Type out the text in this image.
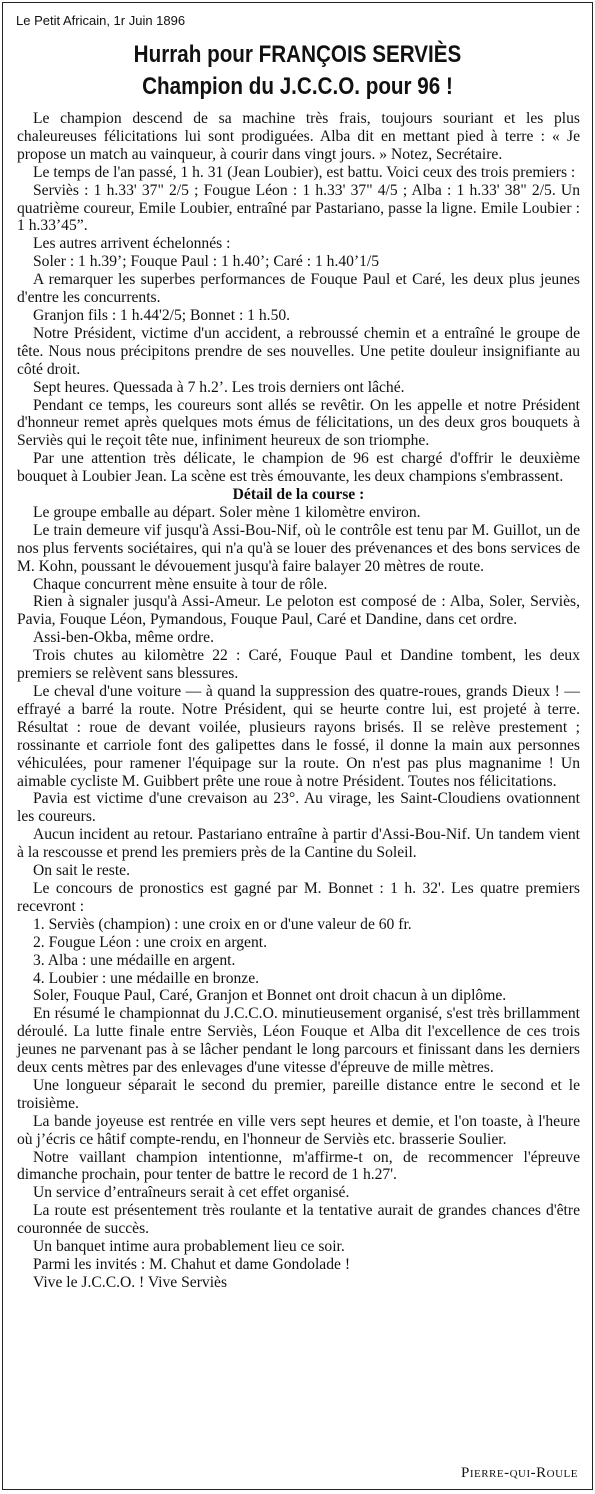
Le Petit Africain, 1r Juin 1896
Hurrah pour FRANÇOIS SERVIÈS
Champion du J.C.C.O. pour 96 !

Le champion descend de sa machine très frais, toujours souriant et les plus chaleureuses félicitations lui sont prodiguées. Alba dit en mettant pied à terre : « Je propose un match au vainqueur, à courir dans vingt jours. » Notez, Secrétaire.

Le temps de l'an passé, 1 h. 31 (Jean Loubier), est battu. Voici ceux des trois premiers :

Serviès : 1 h.33' 37" 2/5 ; Fougue Léon : 1 h.33' 37" 4/5 ; Alba : 1 h.33' 38" 2/5. Un quatrième coureur, Emile Loubier, entraîné par Pastariano, passe la ligne. Emile Loubier : 1 h.33’45”.

Les autres arrivent échelonnés :

Soler : 1 h.39’; Fouque Paul : 1 h.40’; Caré : 1 h.40’1/5

A remarquer les superbes performances de Fouque Paul et Caré, les deux plus jeunes d'entre les concurrents.

Granjon fils : 1 h.44'2/5; Bonnet : 1 h.50.

Notre Président, victime d'un accident, a rebroussé chemin et a entraîné le groupe de tête. Nous nous précipitons prendre de ses nouvelles. Une petite douleur insignifiante au côté droit.

Sept heures. Quessada à 7 h.2’. Les trois derniers ont lâché.

Pendant ce temps, les coureurs sont allés se revêtir. On les appelle et notre Président d'honneur remet après quelques mots émus de félicitations, un des deux gros bouquets à Serviès qui le reçoit tête nue, infiniment heureux de son triomphe.

Par une attention très délicate, le champion de 96 est chargé d'offrir le deuxième bouquet à Loubier Jean. La scène est très émouvante, les deux champions s'embrassent.

Détail de la course :

Le groupe emballe au départ. Soler mène 1 kilomètre environ.

Le train demeure vif jusqu'à Assi-Bou-Nif, où le contrôle est tenu par M. Guillot, un de nos plus fervents sociétaires, qui n'a qu'à se louer des prévenances et des bons services de M. Kohn, poussant le dévouement jusqu'à faire balayer 20 mètres de route.

Chaque concurrent mène ensuite à tour de rôle.

Rien à signaler jusqu'à Assi-Ameur. Le peloton est composé de : Alba, Soler, Serviès, Pavia, Fouque Léon, Pymandous, Fouque Paul, Caré et Dandine, dans cet ordre.

Assi-ben-Okba, même ordre.

Trois chutes au kilomètre 22 : Caré, Fouque Paul et Dandine tombent, les deux premiers se relèvent sans blessures.

Le cheval d'une voiture — à quand la suppression des quatre-roues, grands Dieux ! — effrayé a barré la route. Notre Président, qui se heurte contre lui, est projeté à terre. Résultat : roue de devant voilée, plusieurs rayons brisés. Il se relève prestement ; rossinante et carriole font des galipettes dans le fossé, il donne la main aux personnes véhiculées, pour ramener l'équipage sur la route. On n'est pas plus magnanime ! Un aimable cycliste M. Guibbert prête une roue à notre Président. Toutes nos félicitations.

Pavia est victime d'une crevaison au 23°. Au virage, les Saint-Cloudiens ovationnent les coureurs.

Aucun incident au retour. Pastariano entraîne à partir d'Assi-Bou-Nif. Un tandem vient à la rescousse et prend les premiers près de la Cantine du Soleil.

On sait le reste.

Le concours de pronostics est gagné par M. Bonnet : 1 h. 32'. Les quatre premiers recevront :

1. Serviès (champion) : une croix en or d'une valeur de 60 fr.

2. Fougue Léon : une croix en argent.

3. Alba : une médaille en argent.

4. Loubier : une médaille en bronze.

Soler, Fouque Paul, Caré, Granjon et Bonnet ont droit chacun à un diplôme.

En résumé le championnat du J.C.C.O. minutieusement organisé, s'est très brillamment déroulé. La lutte finale entre Serviès, Léon Fouque et Alba dit l'excellence de ces trois jeunes ne parvenant pas à se lâcher pendant le long parcours et finissant dans les derniers deux cents mètres par des enlevages d'une vitesse d'épreuve de mille mètres.

Une longueur séparait le second du premier, pareille distance entre le second et le troisième.

La bande joyeuse est rentrée en ville vers sept heures et demie, et l'on toaste, à l'heure où j’écris ce hâtif compte-rendu, en l'honneur de Serviès etc. brasserie Soulier.

Notre vaillant champion intentionne, m'affirme-t on, de recommencer l'épreuve dimanche prochain, pour tenter de battre le record de 1 h.27'.

Un service d’entraîneurs serait à cet effet organisé.

La route est présentement très roulante et la tentative aurait de grandes chances d'être couronnée de succès.

Un banquet intime aura probablement lieu ce soir.

Parmi les invités : M. Chahut et dame Gondolade !

Vive le J.C.C.O. ! Vive Serviès

Pierre-qui-Roule
